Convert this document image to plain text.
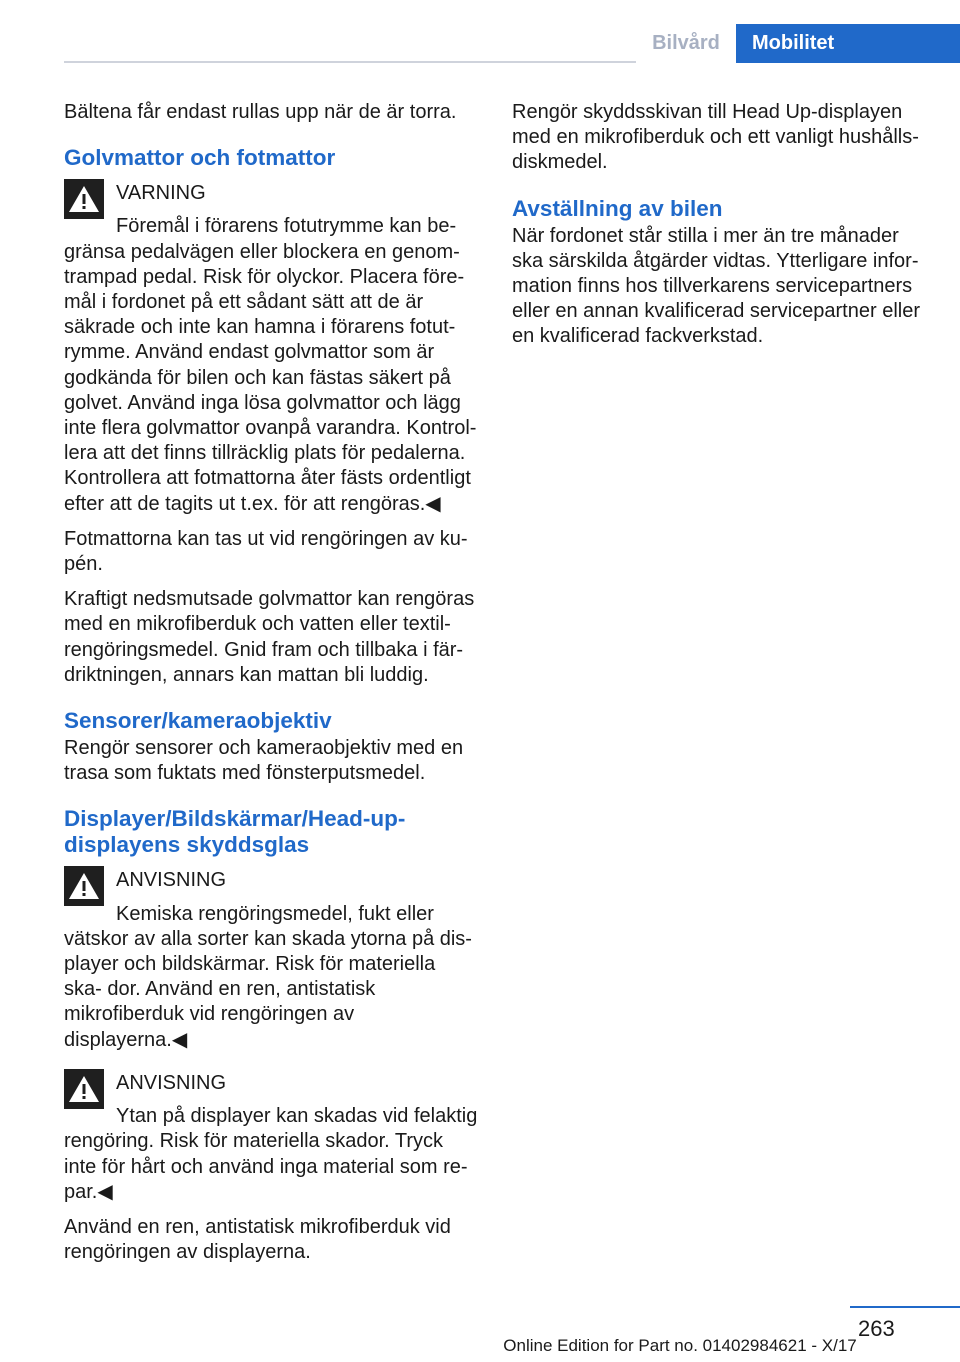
Bilvård	Mobilitet

Bältena får endast rullas upp när de är torra.

Golvmattor och fotmattor
VARNING
Föremål i förarens fotutrymme kan be‐
gränsa pedalvägen eller blockera en genom‐ trampad pedal. Risk för olyckor. Placera före‐ mål i fordonet på ett sådant sätt att de är säkrade och inte kan hamna i förarens fotut‐ rymme. Använd endast golvmattor som är godkända för bilen och kan fästas säkert på golvet. Använd inga lösa golvmattor och lägg inte flera golvmattor ovanpå varandra. Kontrol‐ lera att det finns tillräcklig plats för pedalerna. Kontrollera att fotmattorna åter fästs ordentligt efter att de tagits ut t.ex. för att rengöras.◀

Fotmattorna kan tas ut vid rengöringen av ku‐ pén.

Kraftigt nedsmutsade golvmattor kan rengöras med en mikrofiberduk och vatten eller textil‐ rengöringsmedel. Gnid fram och tillbaka i fär‐ driktningen, annars kan mattan bli luddig.

Sensorer/kameraobjektiv

Rengör sensorer och kameraobjektiv med en trasa som fuktats med fönsterputsmedel.

Displayer/Bildskärmar/Head-up-displayens skyddsglas
ANVISNING
Kemiska rengöringsmedel, fukt eller
vätskor av alla sorter kan skada ytorna på dis‐ player och bildskärmar. Risk för materiella ska‐ dor. Använd en ren, antistatisk mikrofiberduk vid rengöringen av displayerna.◀
ANVISNING
Ytan på displayer kan skadas vid felaktig
rengöring. Risk för materiella skador. Tryck inte för hårt och använd inga material som re‐ par.◀

Använd en ren, antistatisk mikrofiberduk vid rengöringen av displayerna.

Rengör skyddsskivan till Head Up-displayen med en mikrofiberduk och ett vanligt hushålls‐ diskmedel.

Avställning av bilen

När fordonet står stilla i mer än tre månader ska särskilda åtgärder vidtas. Ytterligare infor‐ mation finns hos tillverkarens servicepartners eller en annan kvalificerad servicepartner eller en kvalificerad fackverkstad.

263
Online Edition for Part no. 01402984621 - X/17
